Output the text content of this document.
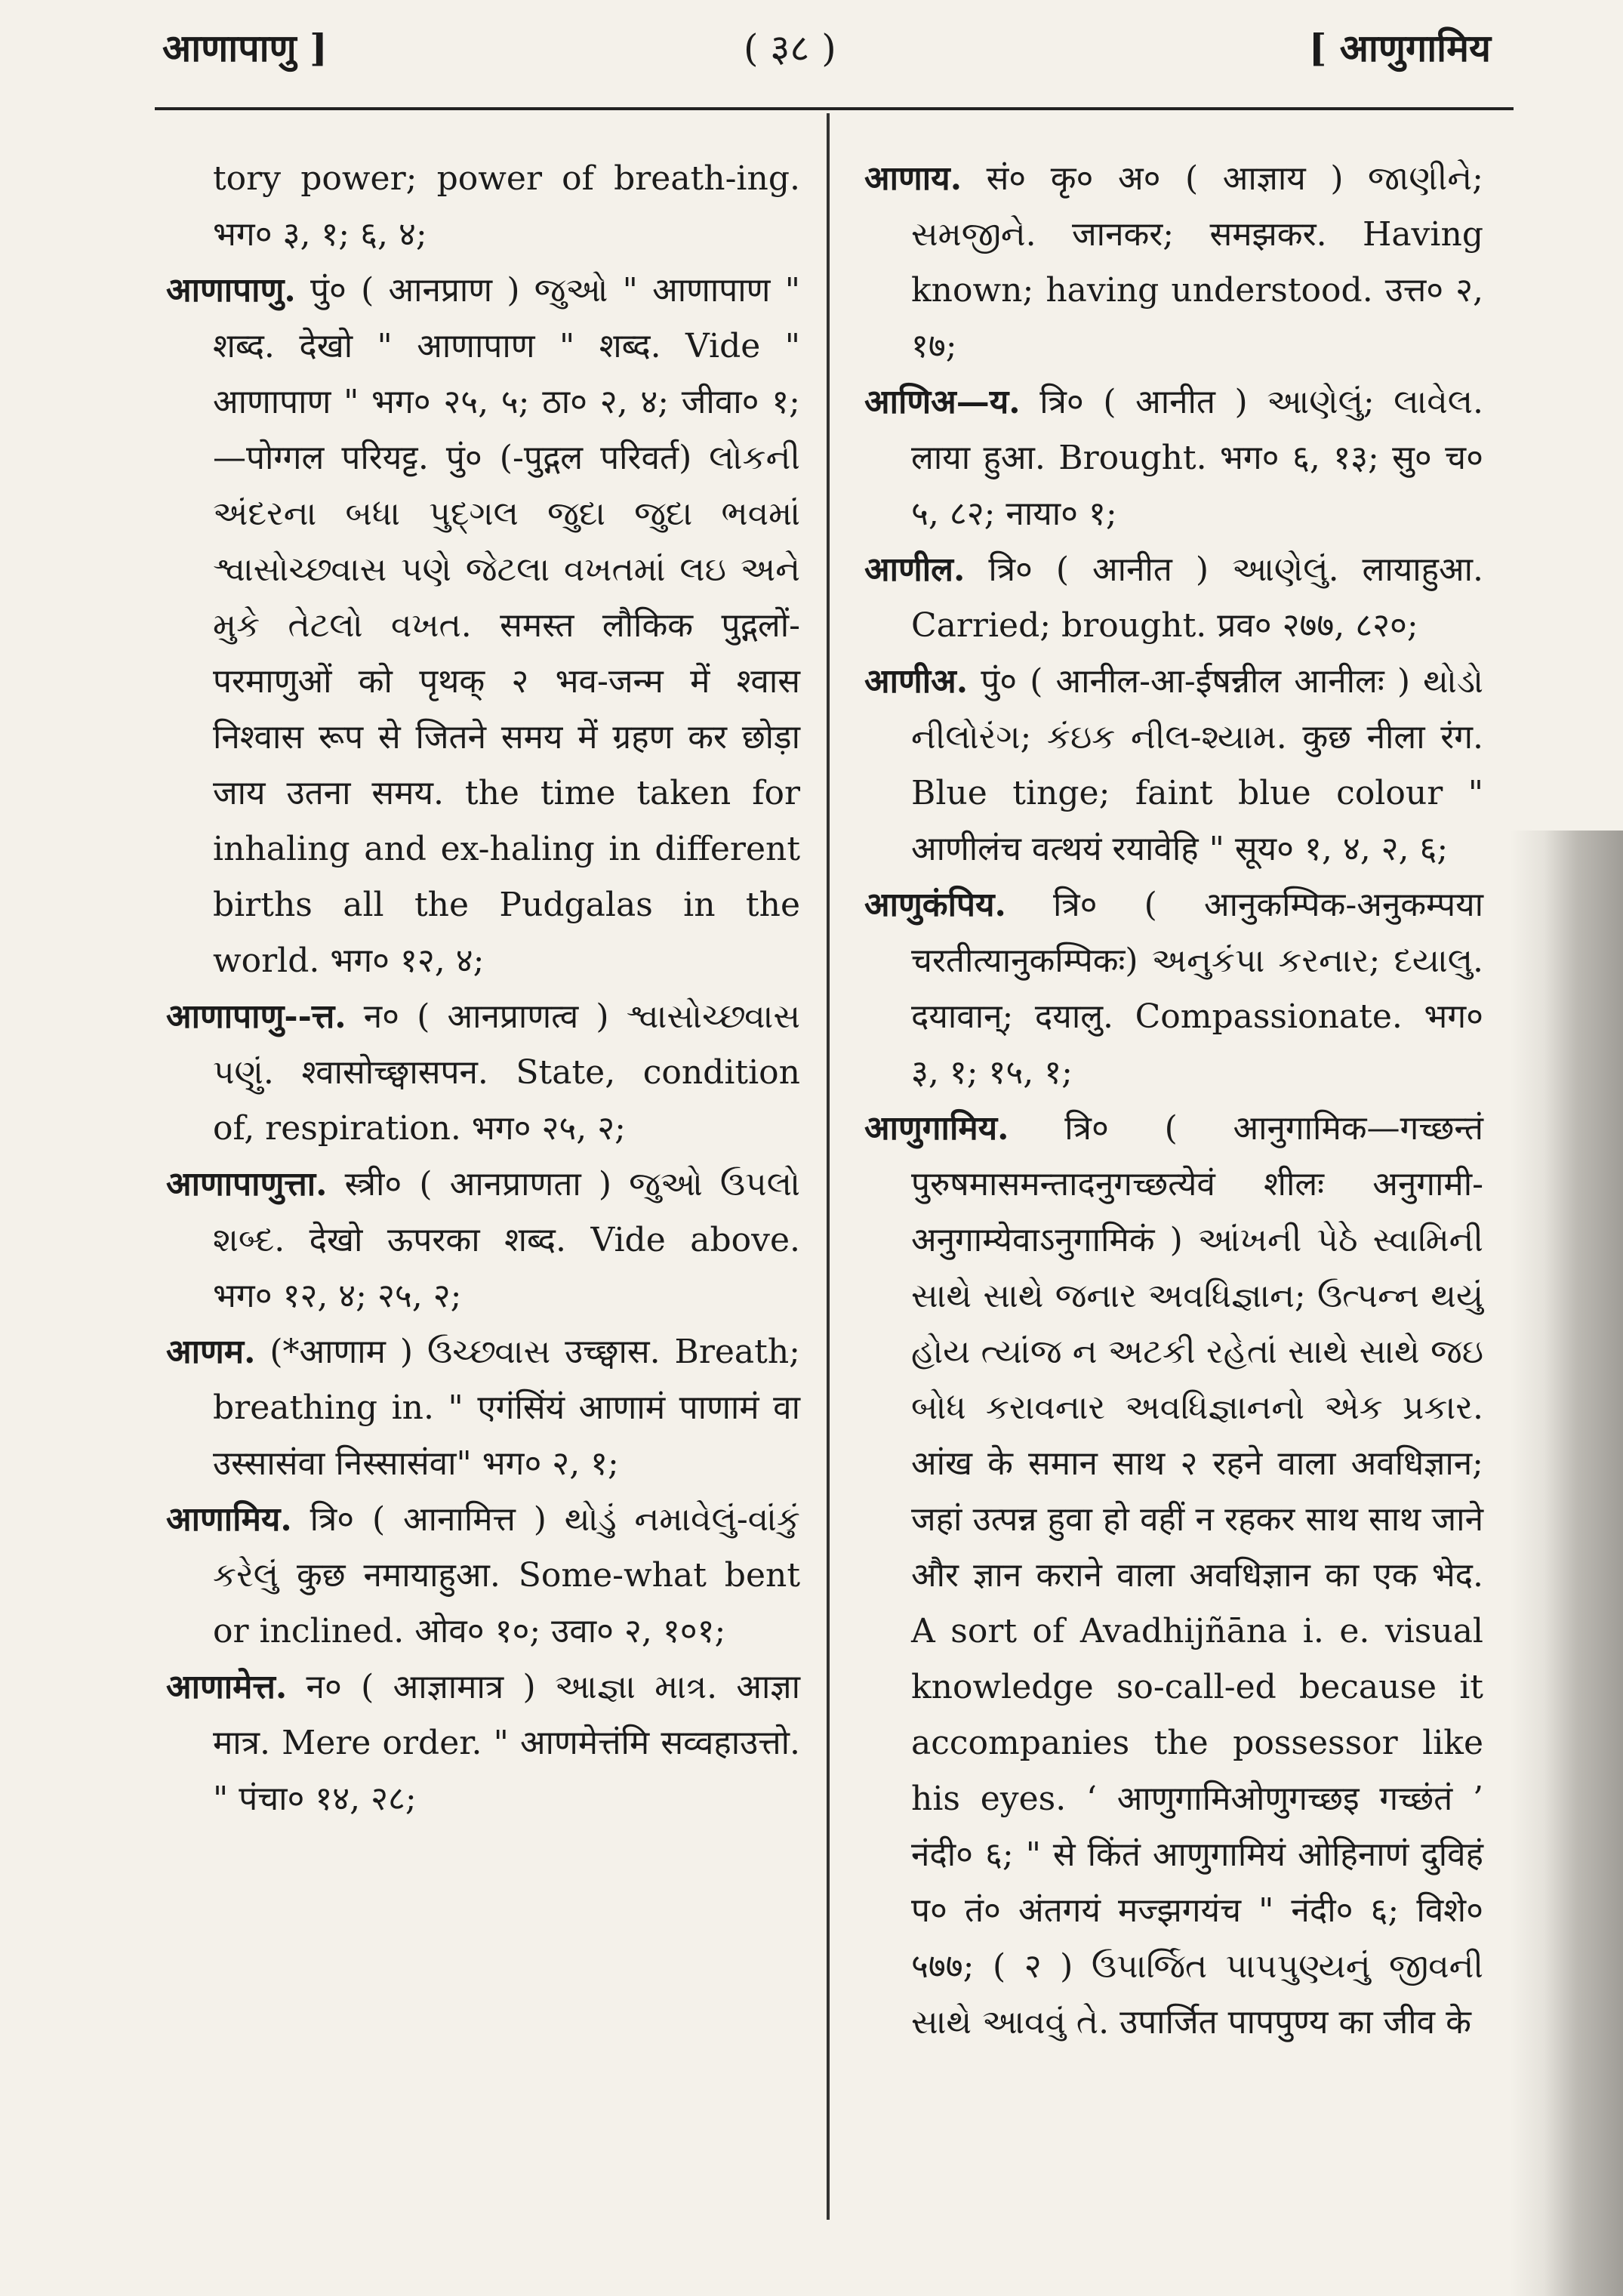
आणापाणु ]	( ३८ )	[ आणुगामिय

tory power; power of breath-ing. भग० ३, १; ६, ४;

आणापाणु. पुं० ( आनप्राण ) જુઓ " आणापाण " शब्द. देखो " आणापाण " शब्द. Vide " आणापाण " भग० २५, ५; ठा० २, ४; जीवा० १; —पोग्गल परियट्ट. पुं० (-पुद्गल परिवर्त) લોકની અંદરના બધા પુદ્ગલ જુદા જુદા ભવમાં શ્વાસોચ્છ્વાસ પણે જેટલા વખતમાં લઇ અને મુકે તેટલો વખત. समस्त लौकिक पुद्गलों-परमाणुओं को पृथक् २ भव-जन्म में श्वास निश्वास रूप से जितने समय में ग्रहण कर छोड़ा जाय उतना समय. the time taken for inhaling and ex-haling in different births all the Pudgalas in the world. भग० १२, ४;

आणापाणु--त्त. न० ( आनप्राणत्व ) શ્વાસોચ્છ્વાસ પણું. श्वासोच्छ्वासपन. State, condition of, respiration. भग० २५, २;

आणापाणुत्ता. स्त्री० ( आनप्राणता ) જુઓ ઉપલો શબ્દ. देखो ऊपरका शब्द. Vide above. भग० १२, ४; २५, २;

आणम. (*आणाम ) ઉચ્છ્વાસ उच्छ्वास. Breath; breathing in. " एगंसिंयं आणामं पाणामं वा उस्सासंवा निस्सासंवा" भग० २, १;

आणामिय. त्रि० ( आनामित्त ) થોડું નમાવેલું-વાંકું કરેલું कुछ नमायाहुआ. Some-what bent or inclined. ओव० १०; उवा० २, १०१;

आणामेत्त. न० ( आज्ञामात्र ) આજ્ઞા માત્ર. आज्ञा मात्र. Mere order. " आणमेत्तंमि सव्वहाउत्तो. " पंचा० १४, २८;

आणाय. सं० कृ० अ० ( आज्ञाय ) જાણીને; સમજીને. जानकर; समझकर. Having known; having understood. उत्त० २, १७;

आणिअ—य. त्रि० ( आनीत ) આણેલું; લાવેલ. लाया हुआ. Brought. भग० ६, १३; सु० च० ५, ८२; नाया० १;

आणील. त्रि० ( आनीत ) આણેલું. लायाहुआ. Carried; brought. प्रव० २७७, ८२०;

आणीअ. पुं० ( आनील-आ-ईषन्नील आनीलः ) થોડો નીલોરંગ; કંઇક નીલ-શ્યામ. कुछ नीला रंग. Blue tinge; faint blue colour " आणीलंच वत्थयं रयावेहि " सूय० १, ४, २, ६;

आणुकंपिय. त्रि० ( आनुकम्पिक-अनुकम्पया चरतीत्यानुकम्पिकः) અનુકંપા કરનાર; દયાલુ. दयावान्; दयालु. Compassionate. भग० ३, १; १५, १;

आणुगामिय. त्रि० ( आनुगामिक—गच्छन्तं पुरुषमासमन्तादनुगच्छत्येवं शीलः अनुगामी-अनुगाम्येवाऽनुगामिकं ) આંખની પેઠે સ્વામિની સાથે સાથે જનાર અવધિજ્ઞાન; ઉત્પન્ન થયું હોય ત્યાંજ ન અટકી રહેતાં સાથે સાથે જઇ બોધ કરાવનાર અવધિજ્ઞાનનો એક પ્રકાર. आंख के समान साथ २ रहने वाला अवधिज्ञान; जहां उत्पन्न हुवा हो वहीं न रहकर साथ साथ जाने और ज्ञान कराने वाला अवधिज्ञान का एक भेद. A sort of Avadhijñāna i. e. visual knowledge so-call-ed because it accompanies the possessor like his eyes. ‘ आणुगामिओणुगच्छइ गच्छंतं ’ नंदी० ६; " से किंतं आणुगामियं ओहिनाणं दुविहं प० तं० अंतगयं मज्झगयंच " नंदी० ६; विशे० ५७७; ( २ ) ઉપાર્જિત પાપપુણ્યનું જીવની સાથે આવવું તે. उपार्जित पापपुण्य का जीव के
